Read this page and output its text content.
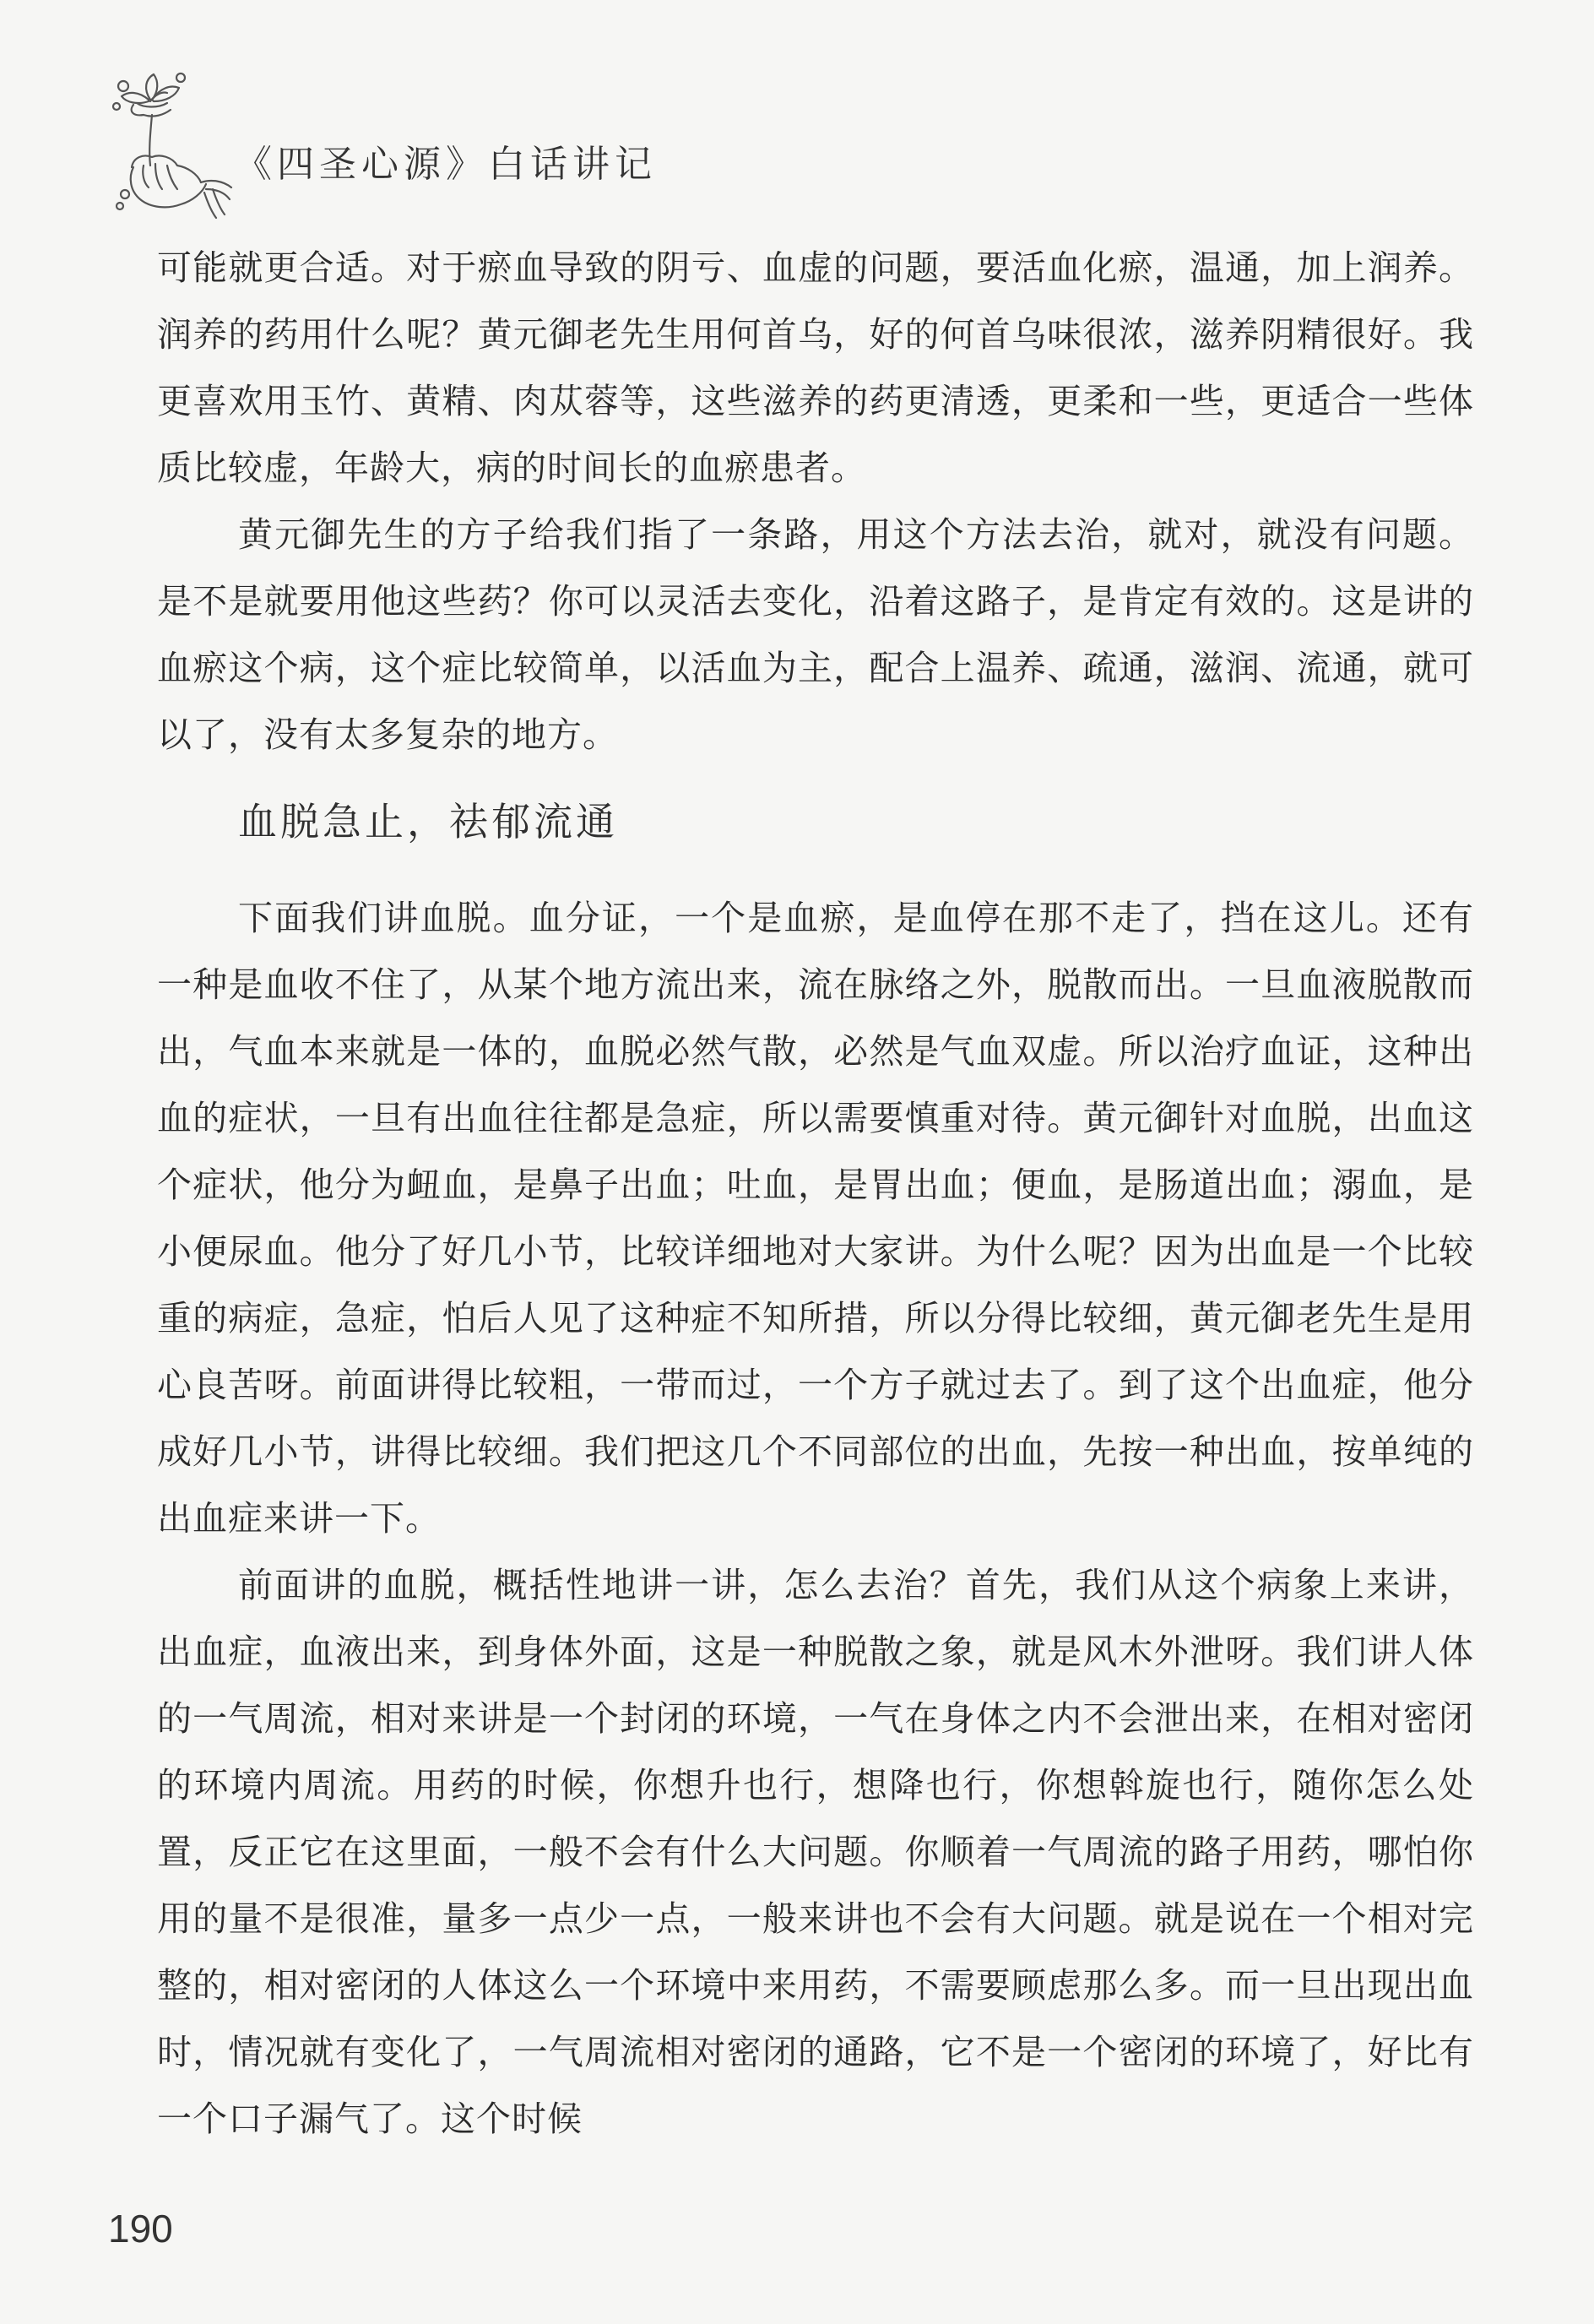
《四圣心源》白话讲记

可能就更合适。对于瘀血导致的阴亏、血虚的问题，要活血化瘀，温通，加上润养。润养的药用什么呢？黄元御老先生用何首乌，好的何首乌味很浓，滋养阴精很好。我更喜欢用玉竹、黄精、肉苁蓉等，这些滋养的药更清透，更柔和一些，更适合一些体质比较虚，年龄大，病的时间长的血瘀患者。

黄元御先生的方子给我们指了一条路，用这个方法去治，就对，就没有问题。是不是就要用他这些药？你可以灵活去变化，沿着这路子，是肯定有效的。这是讲的血瘀这个病，这个症比较简单，以活血为主，配合上温养、疏通，滋润、流通，就可以了，没有太多复杂的地方。

血脱急止，祛郁流通

下面我们讲血脱。血分证，一个是血瘀，是血停在那不走了，挡在这儿。还有一种是血收不住了，从某个地方流出来，流在脉络之外，脱散而出。一旦血液脱散而出，气血本来就是一体的，血脱必然气散，必然是气血双虚。所以治疗血证，这种出血的症状，一旦有出血往往都是急症，所以需要慎重对待。黄元御针对血脱，出血这个症状，他分为衄血，是鼻子出血；吐血，是胃出血；便血，是肠道出血；溺血，是小便尿血。他分了好几小节，比较详细地对大家讲。为什么呢？因为出血是一个比较重的病症，急症，怕后人见了这种症不知所措，所以分得比较细，黄元御老先生是用心良苦呀。前面讲得比较粗，一带而过，一个方子就过去了。到了这个出血症，他分成好几小节，讲得比较细。我们把这几个不同部位的出血，先按一种出血，按单纯的出血症来讲一下。

前面讲的血脱，概括性地讲一讲，怎么去治？首先，我们从这个病象上来讲，出血症，血液出来，到身体外面，这是一种脱散之象，就是风木外泄呀。我们讲人体的一气周流，相对来讲是一个封闭的环境，一气在身体之内不会泄出来，在相对密闭的环境内周流。用药的时候，你想升也行，想降也行，你想斡旋也行，随你怎么处置，反正它在这里面，一般不会有什么大问题。你顺着一气周流的路子用药，哪怕你用的量不是很准，量多一点少一点，一般来讲也不会有大问题。就是说在一个相对完整的，相对密闭的人体这么一个环境中来用药，不需要顾虑那么多。而一旦出现出血时，情况就有变化了，一气周流相对密闭的通路，它不是一个密闭的环境了，好比有一个口子漏气了。这个时候

190
